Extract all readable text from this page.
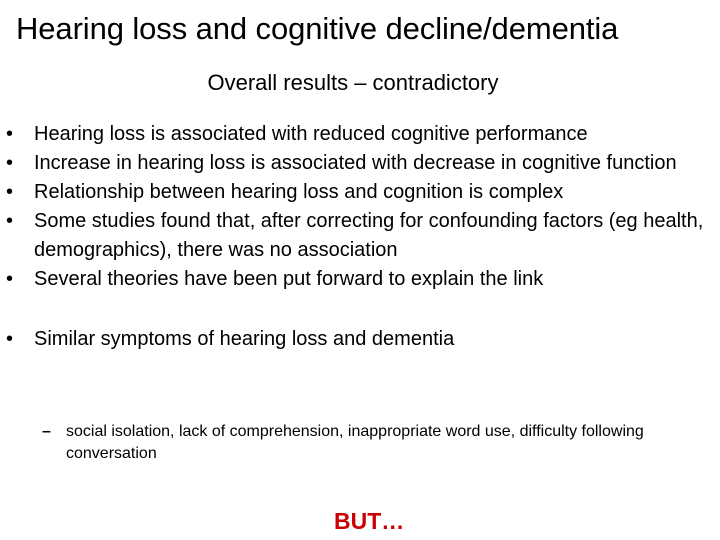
Hearing loss and cognitive decline/dementia
Overall results – contradictory
• Hearing loss is associated with reduced cognitive performance
• Increase in hearing loss is associated with decrease in cognitive function
• Relationship between hearing loss and cognition is complex
• Some studies found that, after correcting for confounding factors (eg health, demographics), there was no association
• Several theories have been put forward to explain the link
• Similar symptoms of hearing loss and dementia
– social isolation, lack of comprehension, inappropriate word use, difficulty following conversation
BUT…
